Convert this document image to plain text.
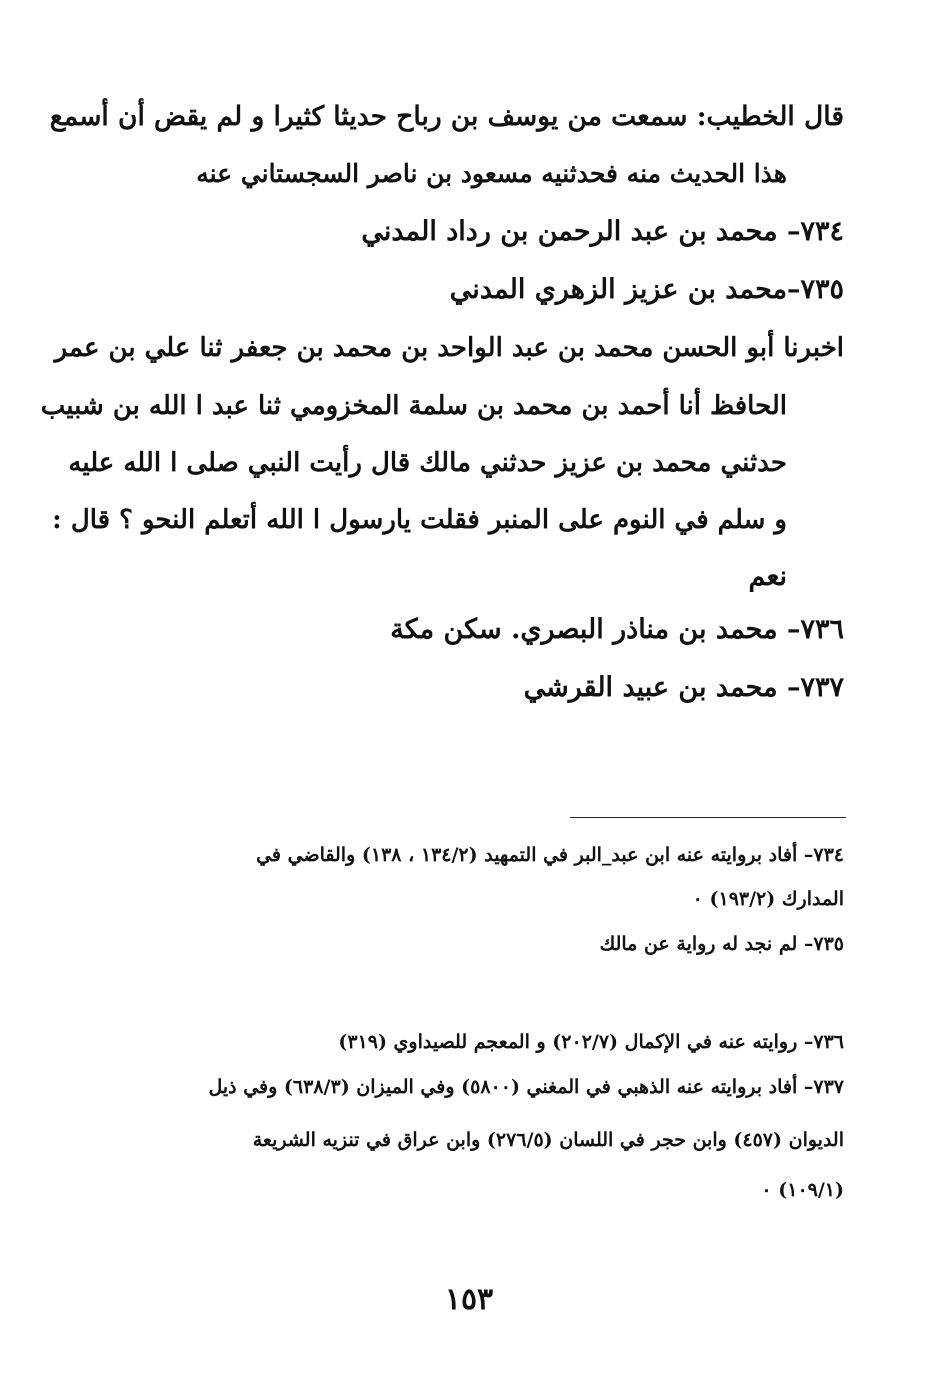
قال الخطيب: سمعت من يوسف بن رباح حديثا كثيرا و لم يقض أن أسمع
هذا الحديث منه فحدثنيه مسعود بن ناصر السجستاني عنه
٧٣٤– محمد بن عبد الرحمن بن رداد المدني
٧٣٥–محمد بن عزيز الزهري المدني
اخبرنا أبو الحسن محمد بن عبد الواحد بن محمد بن جعفر ثنا علي بن عمر
الحافظ أنا أحمد بن محمد بن سلمة المخزومي ثنا عبد ا الله بن شبيب
حدثني محمد بن عزيز حدثني مالك قال رأيت النبي صلى ا الله عليه
و سلم في النوم على المنبر فقلت يارسول ا الله أتعلم النحو ؟ قال :
نعم
٧٣٦– محمد بن مناذر البصري. سكن مكة
٧٣٧– محمد بن عبيد القرشي
٧٣٤– أفاد بروايته عنه ابن عبد_البر في التمهيد (١٣٤/٢ ، ١٣٨) والقاضي في
المدارك (١٩٣/٢) ٠
٧٣٥– لم نجد له رواية عن مالك
٧٣٦– روايته عنه في الإكمال (٢٠٢/٧) و المعجم للصيداوي (٣١٩)
٧٣٧– أفاد بروايته عنه الذهبي في المغني (٥٨٠٠) وفي الميزان (٦٣٨/٣) وفي ذيل
الديوان (٤٥٧) وابن حجر في اللسان (٢٧٦/٥) وابن عراق في تنزيه الشريعة
(١٠٩/١) ٠
١٥٣
